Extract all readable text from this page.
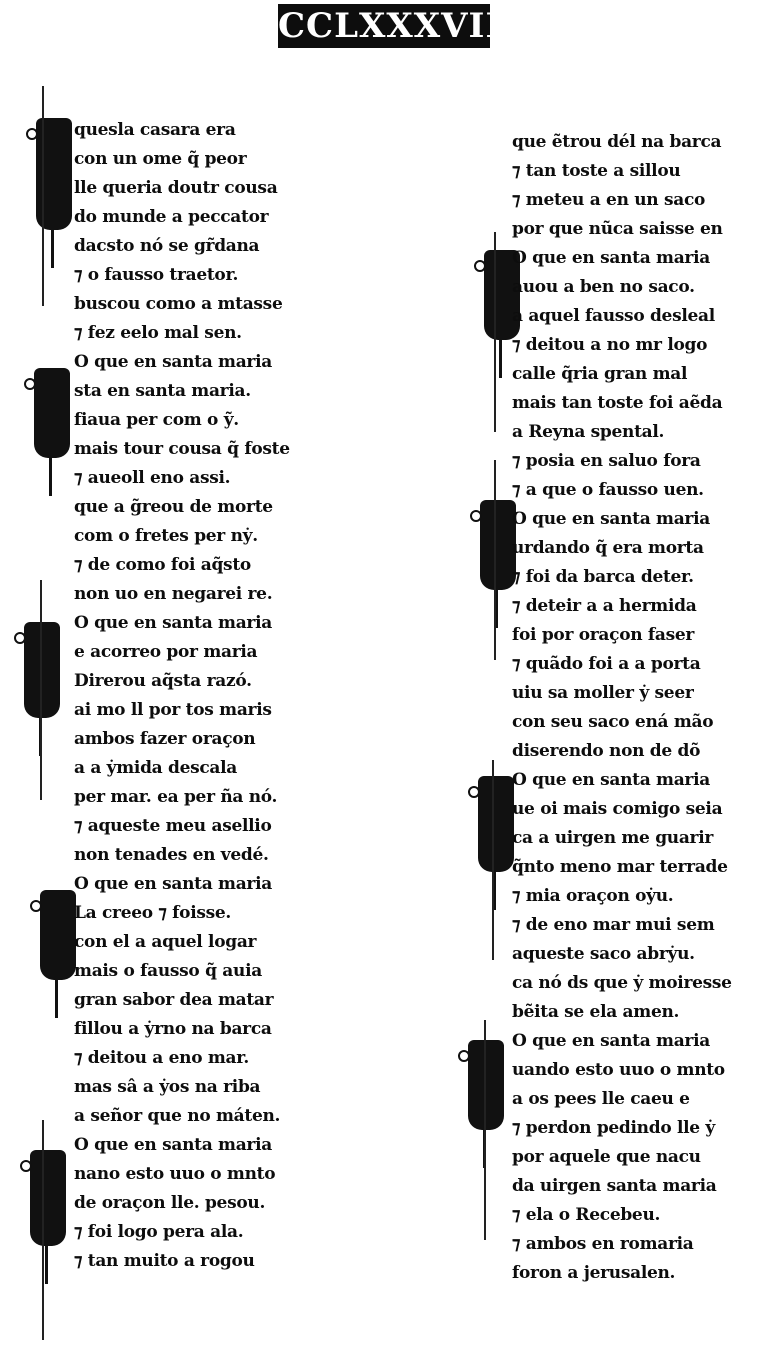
CCLXXXVII
quesla casara era
con un ome q̃ peor
lle queria doutr cousa
do munde a peccator
dacsto nó se gr̃dana
⁊ o fausso traetor.
buscou como a mtasse
⁊ fez eelo mal sen.
O que en santa maria
sta en santa maria.
fiaua per com o ỹ.
mais tour cousa q̃ foste
⁊ aueoll eno assi.
que a g̃reou de morte
com o fretes per nẏ.
⁊ de como foi aq̃sto
non uo en negarei re.
O que en santa maria
e acorreo por maria
Direrou aq̃sta razó.
ai mo ll por tos maris
ambos fazer oraçon
a a ẏmida descala
per mar. ea per ña nó.
⁊ aqueste meu asellio
non tenades en vedé.
O que en santa maria
La creeo ⁊ foisse.
con el a aquel logar
mais o fausso q̃ auia
gran sabor dea matar
fillou a ẏrno na barca
⁊ deitou a eno mar.
mas sâ a ẏos na riba
a señor que no máten.
O que en santa maria
nano esto uuo o mnto
de oraçon lle. pesou.
⁊ foi logo pera ala.
⁊ tan muito a rogou
que ẽtrou dél na barca
⁊ tan toste a sillou
⁊ meteu a en un saco
por que nũca saisse en
O que en santa maria
auou a ben no saco.
a aquel fausso desleal
⁊ deitou a no mr logo
calle q̃ria gran mal
mais tan toste foi aẽda
a Reyna spental.
⁊ posia en saluo fora
⁊ a que o fausso uen.
O que en santa maria
urdando q̃ era morta
⁊ foi da barca deter.
⁊ deteir a a hermida
foi por oraçon faser
⁊ quãdo foi a a porta
uiu sa moller ẏ seer
con seu saco ená mão
diserendo non de dõ
O que en santa maria
ue oi mais comigo seia
ca a uirgen me guarir
q̃nto meno mar terrade
⁊ mia oraçon oẏu.
⁊ de eno mar mui sem
aqueste saco abrẏu.
ca nó ds que ẏ moiresse
bẽita se ela amen.
O que en santa maria
uando esto uuo o mnto
a os pees lle caeu e
⁊ perdon pedindo lle ẏ
por aquele que nacu
da uirgen santa maria
⁊ ela o Recebeu.
⁊ ambos en romaria
foron a jerusalen.
